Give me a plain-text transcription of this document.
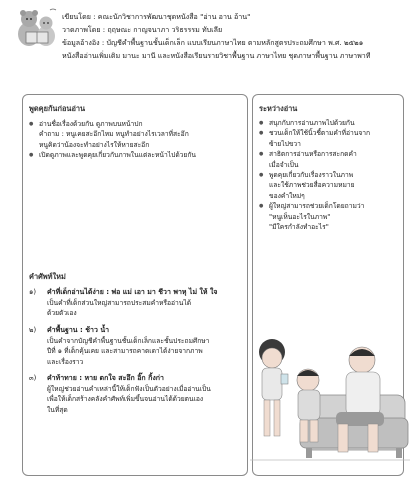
เขียนโดย : คณะนักวิชาการพัฒนาชุดหนังสือ "อ่าน อาน อ้าน"
วาดภาพโดย : ฤฤษณะ กาญจนาภา วริธรรรม ทับเลีย
ข้อมูลอ้างอิง : บัญชีคำพื้นฐานชั้นเด็กเล็ก แบบเรียนภาษาไทย ตามหลักสูตรประถมศึกษา พ.ศ. ๒๕๒๑
หนังสืออ่านเพิ่มเติม มานะ มานี และหนังสือเรียนรายวิชาพื้นฐาน ภาษาไทย ชุดภาษาพื้นฐาน ภาษาพาที
พูดคุยกันก่อนอ่าน
● อ่านชื่อเรื่องด้วยกัน ดูภาพบนหน้าปก
คำถาม : หนูเคยสะอึกไหม หนูทำอย่างไรเวลาที่สะอึก
หนูคิดว่าน้องจะทำอย่างไรให้หายสะอึก
● เปิดดูภาพและพูดคุยเกี่ยวกับภาพในแต่ละหน้าไปด้วยกัน
คำศัพท์ใหม่
๑) คำที่เด็กอ่านได้ง่าย : พ่อ แม่ เอา มา ชีวา พาหุ ไม่ ให้ ใจ
เป็นคำที่เด็กส่วนใหญ่สามารถประสมคำหรืออ่านได้
ด้วยตัวเอง
๒) คำพื้นฐาน : ช้าว น้ำ
เป็นคำจากบัญชีคำพื้นฐานชั้นเด็กเล็กและชั้นประถมศึกษา
ปีที่ ๑ ที่เด็กคุ้นเคย และสามารถคาดเดาได้ง่ายจากภาพ
และเรื่องราว
๓) คำท้าทาย : หาย ตกใจ สะอึก อิ๊ก กิ้งก่า
ผู้ใหญ่ช่วยอ่านคำเหล่านี้ให้เด็กฟังเป็นตัวอย่างเมื่ออ่านเป็น
เพื่อให้เด็กสร้างคลังคำศัพท์เพิ่มขึ้นจนอ่านได้ด้วยตนเอง
ในที่สุด
ระหว่างอ่าน
● สนุกกับการอ่านภาพไปด้วยกัน
● ชวนเด็กให้ใช้นิ้วชี้ตามคำที่อ่านจาก
ซ้ายไปขวา
● สาธิตการอ่านหรือการสะกดคำ
เมื่อจำเป็น
● พูดคุยเกี่ยวกับเรื่องราวในภาพ
และใช้ภาพช่วยสื่อความหมาย
ของคำใหม่ๆ
● ผู้ใหญ่สามารถช่วยเด็กโดยถามว่า
"หนูเห็นอะไรในภาพ"
"มีใครกำลังทำอะไร"
